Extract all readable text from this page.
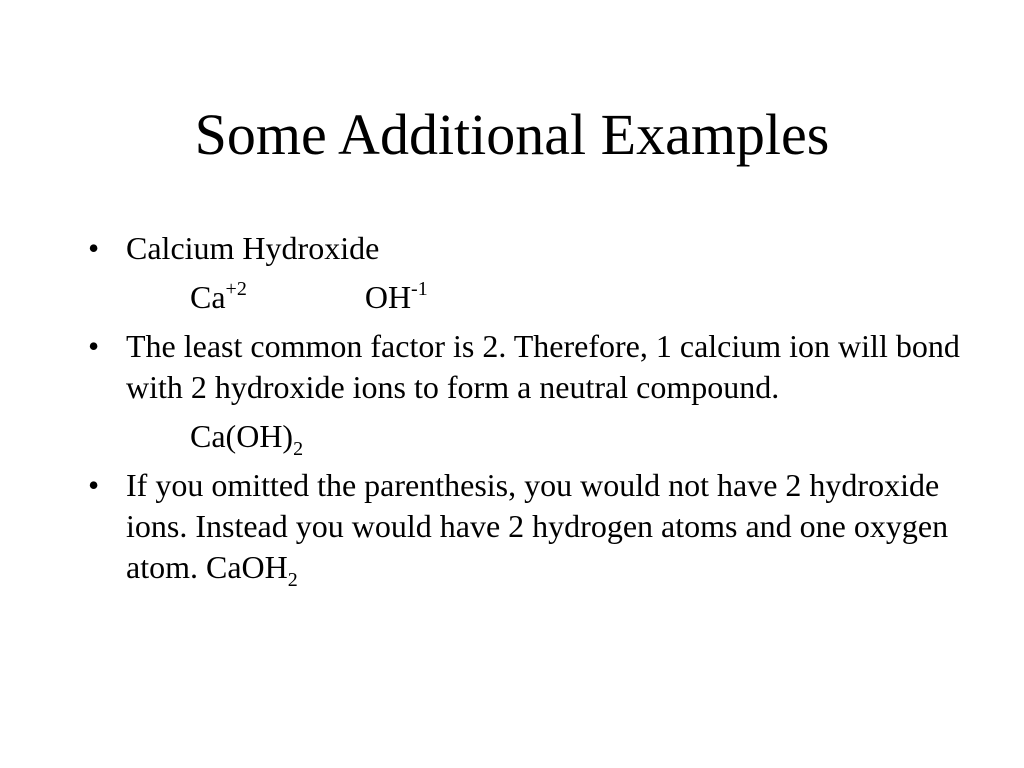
Some Additional Examples
• Calcium Hydroxide
$Ca^{+2}$	$OH^{-1}$
• The least common factor is 2. Therefore, 1 calcium ion will bond with 2 hydroxide ions to form a neutral compound.
$Ca(OH)_2$
• If you omitted the parenthesis, you would not have 2 hydroxide ions. Instead you would have 2 hydrogen atoms and one oxygen atom. CaOH$_2$
